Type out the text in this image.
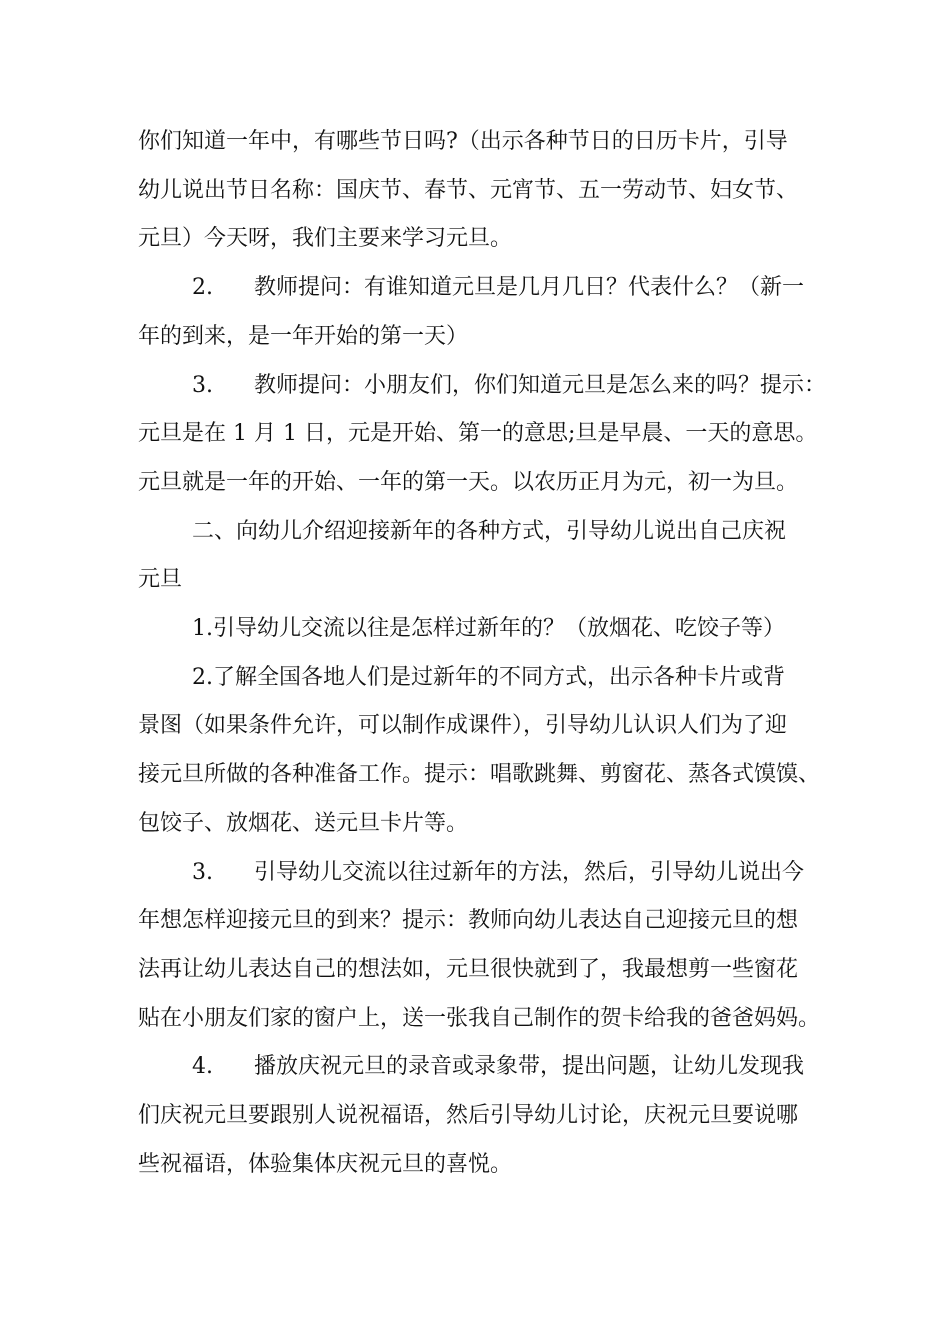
你们知道一年中，有哪些节日吗?（出示各种节日的日历卡片，引导
幼儿说出节日名称：国庆节、春节、元宵节、五一劳动节、妇女节、
元旦）今天呀，我们主要来学习元旦。

2. 教师提问：有谁知道元旦是几月几日？代表什么？（新一
年的到来，是一年开始的第一天）

3. 教师提问：小朋友们，你们知道元旦是怎么来的吗？提示：
元旦是在 1 月 1 日，元是开始、第一的意思;旦是早晨、一天的意思。
元旦就是一年的开始、一年的第一天。以农历正月为元，初一为旦。

二、向幼儿介绍迎接新年的各种方式，引导幼儿说出自己庆祝
元旦

1.引导幼儿交流以往是怎样过新年的？（放烟花、吃饺子等）

2.了解全国各地人们是过新年的不同方式，出示各种卡片或背
景图（如果条件允许，可以制作成课件），引导幼儿认识人们为了迎
接元旦所做的各种准备工作。提示：唱歌跳舞、剪窗花、蒸各式馍馍、
包饺子、放烟花、送元旦卡片等。

3. 引导幼儿交流以往过新年的方法，然后，引导幼儿说出今
年想怎样迎接元旦的到来？提示：教师向幼儿表达自己迎接元旦的想
法再让幼儿表达自己的想法如，元旦很快就到了，我最想剪一些窗花
贴在小朋友们家的窗户上，送一张我自己制作的贺卡给我的爸爸妈妈。

4. 播放庆祝元旦的录音或录象带，提出问题，让幼儿发现我
们庆祝元旦要跟别人说祝福语，然后引导幼儿讨论，庆祝元旦要说哪
些祝福语，体验集体庆祝元旦的喜悦。
